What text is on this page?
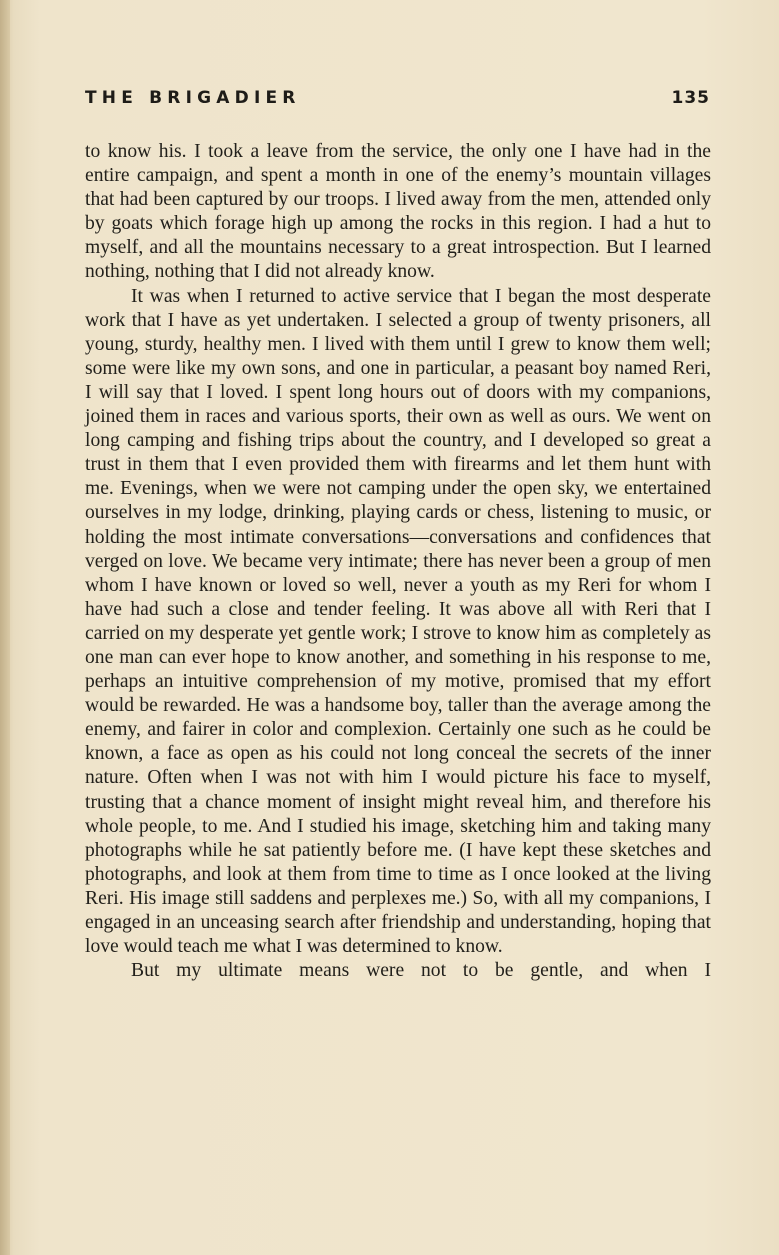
THE BRIGADIER	135

to know his. I took a leave from the service, the only one I have had in the entire campaign, and spent a month in one of the enemy’s mountain villages that had been captured by our troops. I lived away from the men, attended only by goats which forage high up among the rocks in this region. I had a hut to myself, and all the mountains necessary to a great introspection. But I learned nothing, nothing that I did not already know.

It was when I returned to active service that I began the most desperate work that I have as yet undertaken. I selected a group of twenty prisoners, all young, sturdy, healthy men. I lived with them until I grew to know them well; some were like my own sons, and one in particular, a peasant boy named Reri, I will say that I loved. I spent long hours out of doors with my companions, joined them in races and various sports, their own as well as ours. We went on long camping and fishing trips about the country, and I developed so great a trust in them that I even provided them with firearms and let them hunt with me. Evenings, when we were not camping under the open sky, we entertained ourselves in my lodge, drinking, playing cards or chess, listening to music, or holding the most intimate conversations—conversations and confidences that verged on love. We became very intimate; there has never been a group of men whom I have known or loved so well, never a youth as my Reri for whom I have had such a close and tender feeling. It was above all with Reri that I carried on my desperate yet gentle work; I strove to know him as completely as one man can ever hope to know another, and something in his response to me, perhaps an intuitive comprehension of my motive, promised that my effort would be rewarded. He was a handsome boy, taller than the average among the enemy, and fairer in color and complexion. Certainly one such as he could be known, a face as open as his could not long conceal the secrets of the inner nature. Often when I was not with him I would picture his face to myself, trusting that a chance moment of insight might reveal him, and therefore his whole people, to me. And I studied his image, sketching him and taking many photographs while he sat patiently before me. (I have kept these sketches and photographs, and look at them from time to time as I once looked at the living Reri. His image still saddens and perplexes me.) So, with all my companions, I engaged in an unceasing search after friendship and understanding, hoping that love would teach me what I was determined to know.

But my ultimate means were not to be gentle, and when I
